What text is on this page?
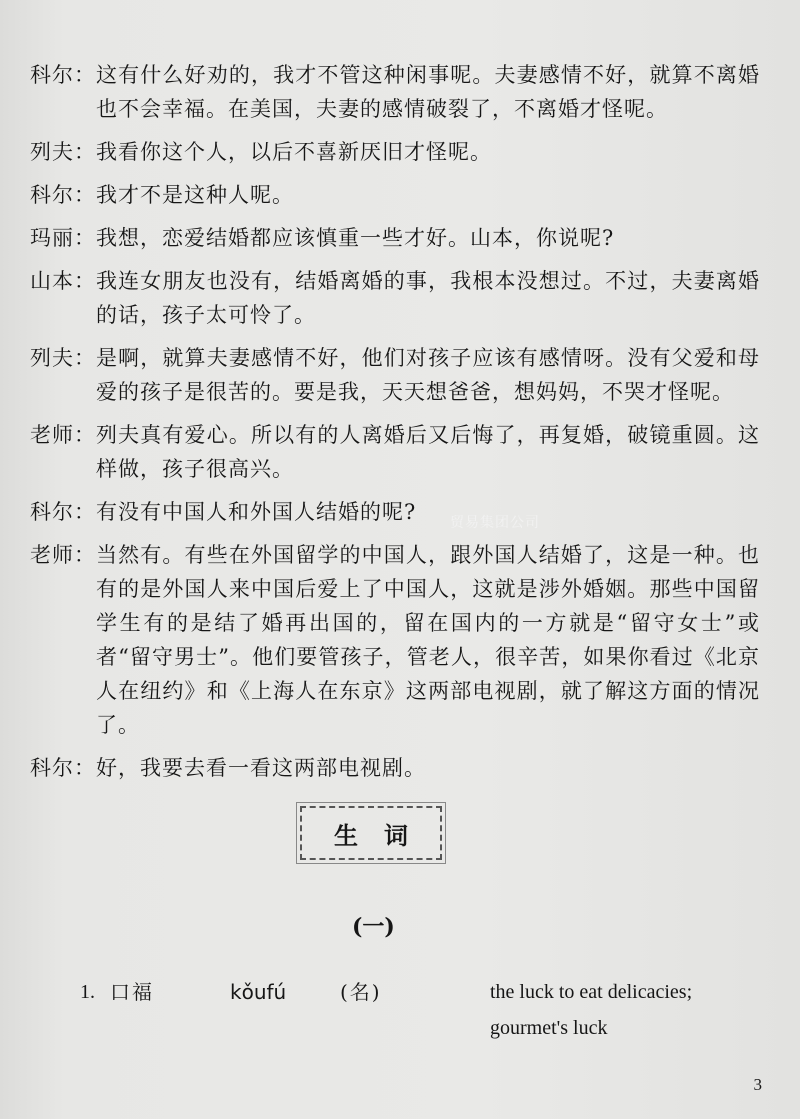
科尔： 这有什么好劝的，我才不管这种闲事呢。夫妻感情不好，就算不离婚也不会幸福。在美国，夫妻的感情破裂了，不离婚才怪呢。
列夫： 我看你这个人，以后不喜新厌旧才怪呢。
科尔： 我才不是这种人呢。
玛丽： 我想，恋爱结婚都应该慎重一些才好。山本，你说呢?
山本： 我连女朋友也没有，结婚离婚的事，我根本没想过。不过，夫妻离婚的话，孩子太可怜了。
列夫： 是啊，就算夫妻感情不好，他们对孩子应该有感情呀。没有父爱和母爱的孩子是很苦的。要是我，天天想爸爸，想妈妈，不哭才怪呢。
老师： 列夫真有爱心。所以有的人离婚后又后悔了，再复婚，破镜重圆。这样做，孩子很高兴。
科尔： 有没有中国人和外国人结婚的呢?
老师： 当然有。有些在外国留学的中国人，跟外国人结婚了，这是一种。也有的是外国人来中国后爱上了中国人，这就是涉外婚姻。那些中国留学生有的是结了婚再出国的，留在国内的一方就是“留守女士”或者“留守男士”。他们要管孩子，管老人，很辛苦，如果你看过《北京人在纽约》和《上海人在东京》这两部电视剧，就了解这方面的情况了。
科尔： 好，我要去看一看这两部电视剧。
贸易集团公司
生词
(一)
1. 口福	kǒufú	(名)	the luck to eat delicacies;
gourmet's luck
3
